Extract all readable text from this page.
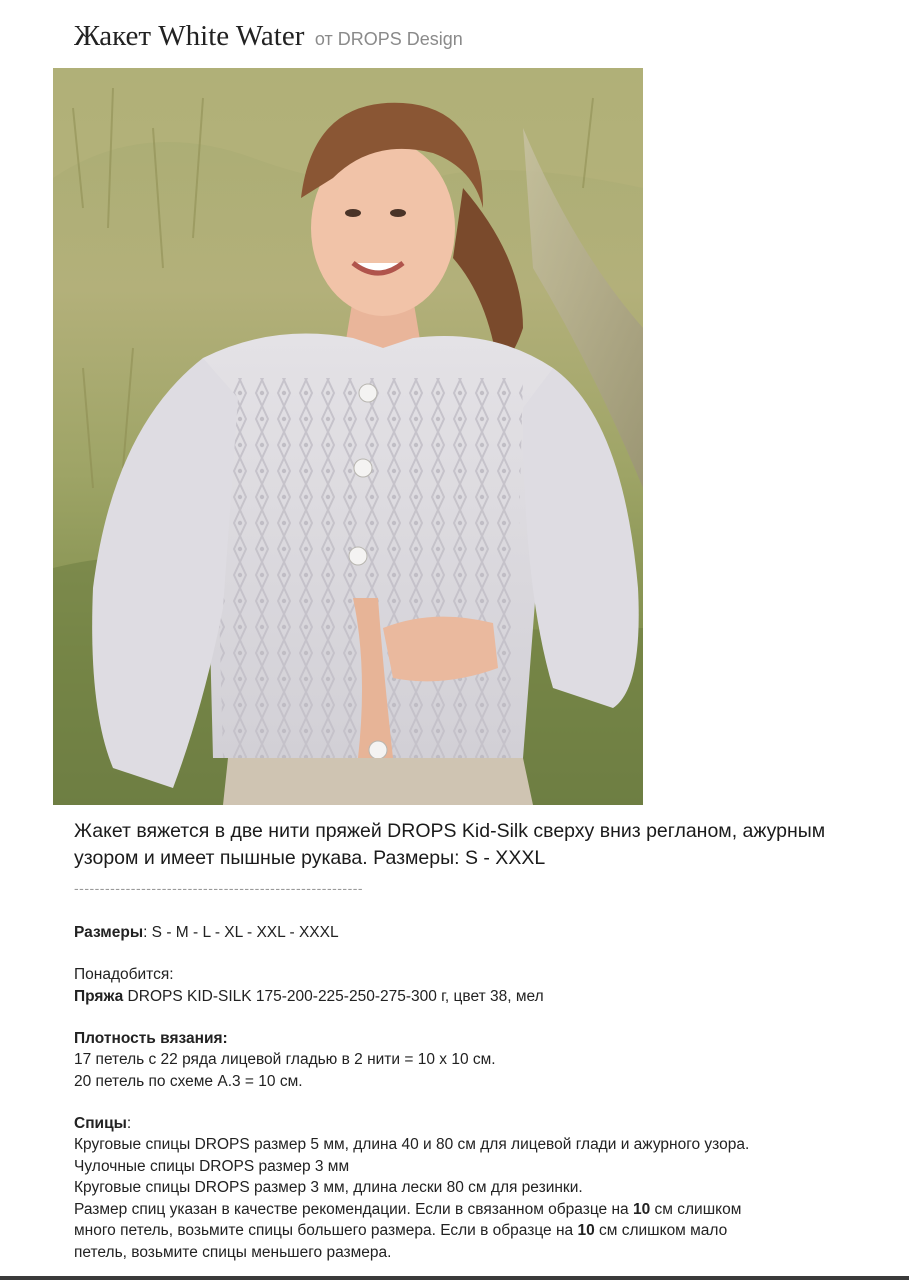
Жакет White Water от DROPS Design
Жакет вяжется в две нити пряжей DROPS Kid-Silk сверху вниз регланом, ажурным узором и имеет пышные рукава. Размеры: S - XXXL
--------------------------------------------------------
Размеры: S - M - L - XL - XXL - XXXL
Понадобится:
Пряжа DROPS KID-SILK 175-200-225-250-275-300 г, цвет 38, мел
Плотность вязания:
17 петель с 22 ряда лицевой гладью в 2 нити = 10 х 10 см.
20 петель по схеме А.3 = 10 см.
Спицы:
Круговые спицы DROPS размер 5 мм, длина 40 и 80 см для лицевой глади и ажурного узора.
Чулочные спицы DROPS размер 3 мм
Круговые спицы DROPS размер 3 мм, длина лески 80 см для резинки.
Размер спиц указан в качестве рекомендации. Если в связанном образце на 10 см слишком
много петель, возьмите спицы большего размера. Если в образце на 10 см слишком мало
петель, возьмите спицы меньшего размера.
